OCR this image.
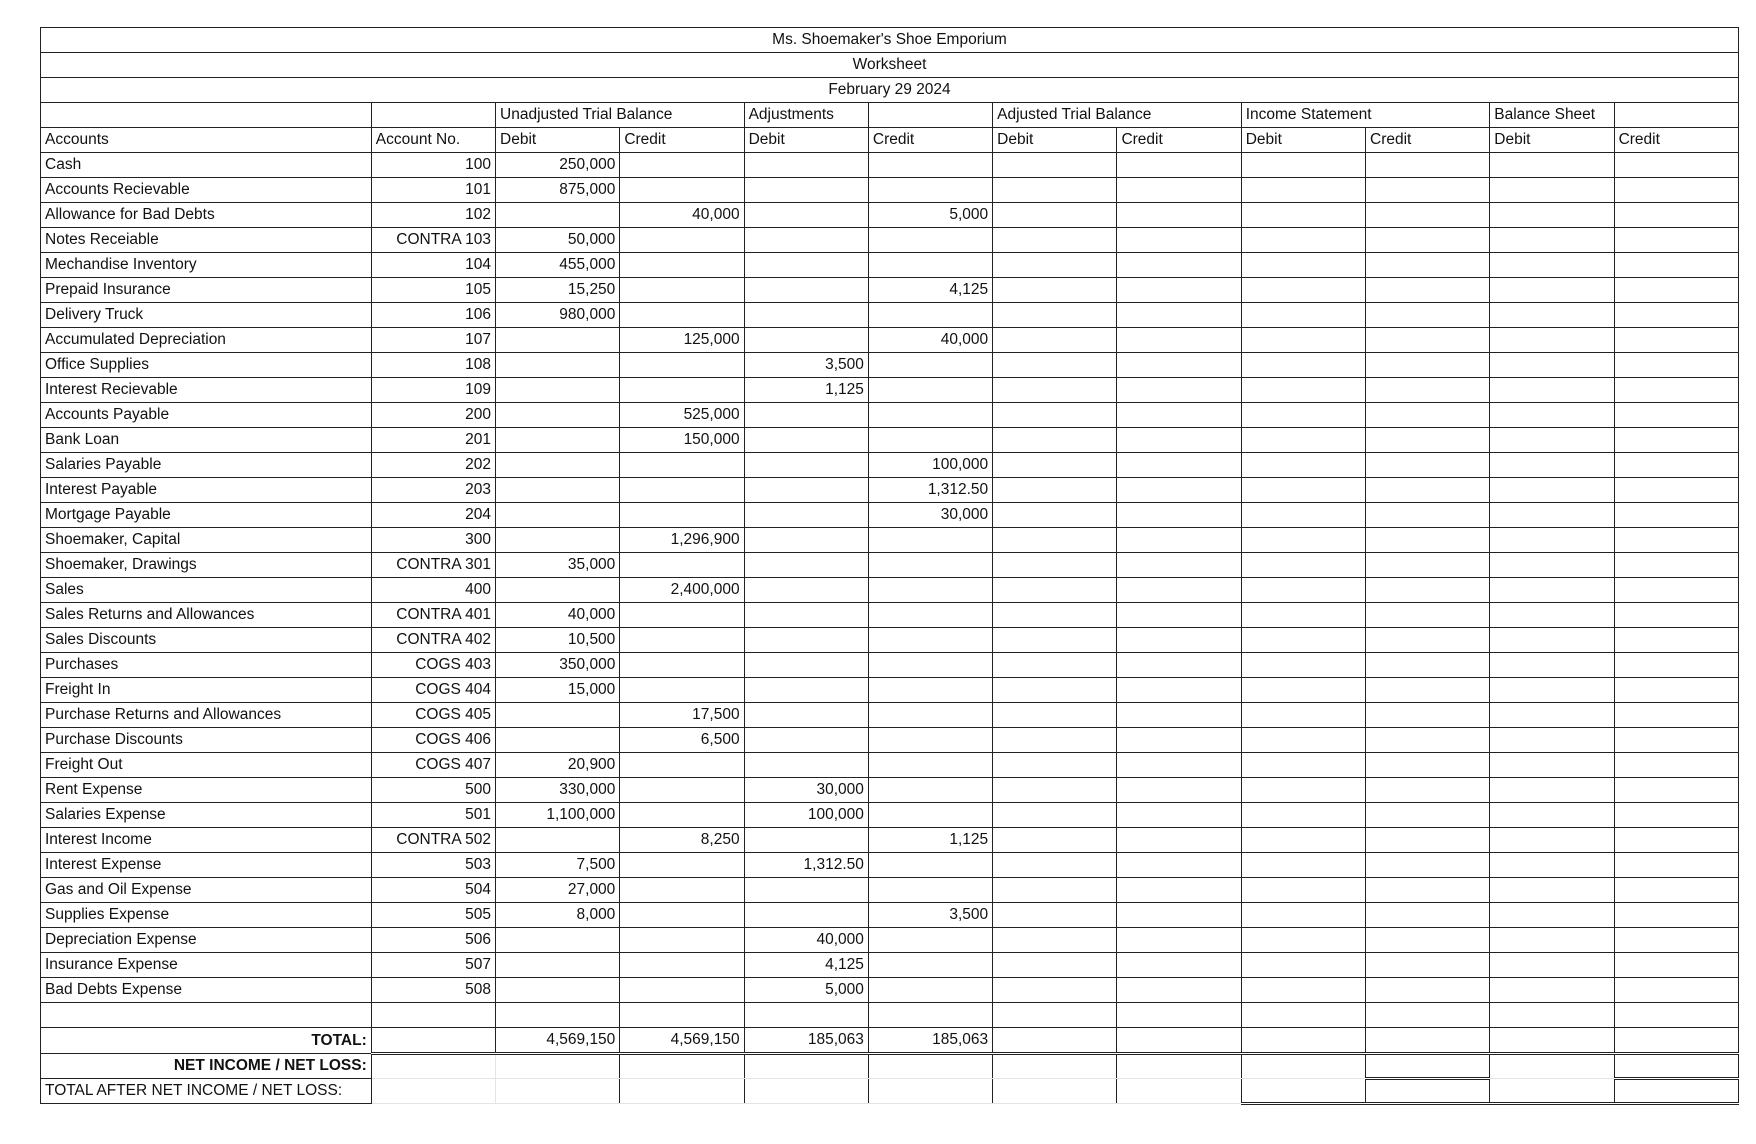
Ms. Shoemaker's Shoe Emporium											
Worksheet											
February 29 2024											
		Unadjusted Trial Balance		Adjustments		Adjusted Trial Balance		Income Statement		Balance Sheet	
Accounts	Account No.	Debit	Credit	Debit	Credit	Debit	Credit	Debit	Credit	Debit	Credit
Cash	100	250,000									
Accounts Recievable	101	875,000									
Allowance for Bad Debts	102		40,000		5,000						
Notes Receiable	CONTRA 103	50,000									
Mechandise Inventory	104	455,000									
Prepaid Insurance	105	15,250			4,125						
Delivery Truck	106	980,000									
Accumulated Depreciation	107		125,000		40,000						
Office Supplies	108			3,500							
Interest Recievable	109			1,125							
Accounts Payable	200		525,000								
Bank Loan	201		150,000								
Salaries Payable	202				100,000						
Interest Payable	203				1,312.50						
Mortgage Payable	204				30,000						
Shoemaker, Capital	300		1,296,900								
Shoemaker, Drawings	CONTRA 301	35,000									
Sales	400		2,400,000								
Sales Returns and Allowances	CONTRA 401	40,000									
Sales Discounts	CONTRA 402	10,500									
Purchases	COGS 403	350,000									
Freight In	COGS 404	15,000									
Purchase Returns and Allowances	COGS 405		17,500								
Purchase Discounts	COGS 406		6,500								
Freight Out	COGS 407	20,900									
Rent Expense	500	330,000		30,000							
Salaries Expense	501	1,100,000		100,000							
Interest Income	CONTRA 502		8,250		1,125						
Interest Expense	503	7,500		1,312.50							
Gas and Oil Expense	504	27,000									
Supplies Expense	505	8,000			3,500						
Depreciation Expense	506			40,000							
Insurance Expense	507			4,125							
Bad Debts Expense	508			5,000							

TOTAL:		4,569,150	4,569,150	185,063	185,063						
NET INCOME / NET LOSS:											
TOTAL AFTER NET INCOME / NET LOSS:											
